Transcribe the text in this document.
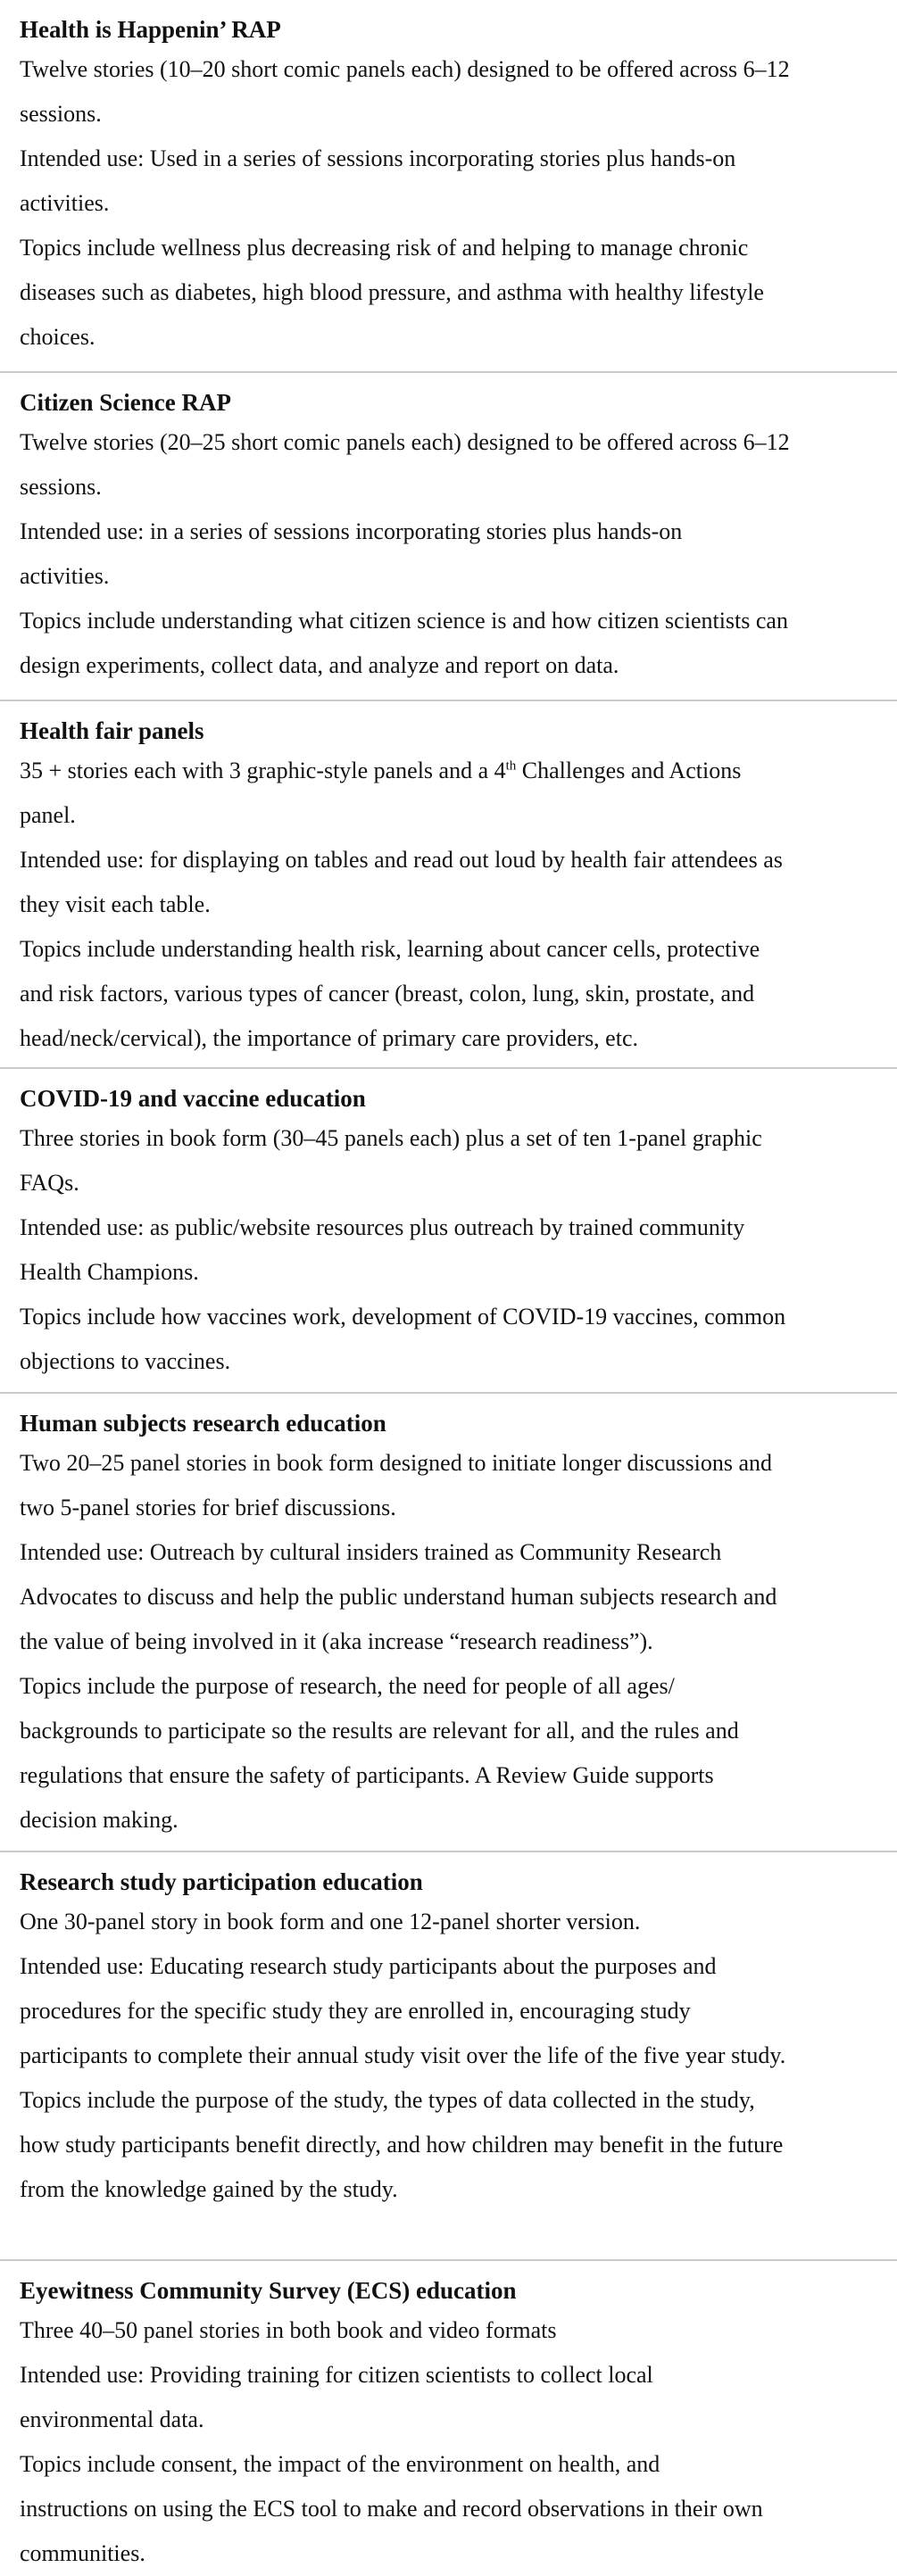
Health is Happenin’ RAP

Twelve stories (10–20 short comic panels each) designed to be offered across 6–12

sessions.

Intended use: Used in a series of sessions incorporating stories plus hands-on

activities.

Topics include wellness plus decreasing risk of and helping to manage chronic

diseases such as diabetes, high blood pressure, and asthma with healthy lifestyle

choices.

Citizen Science RAP

Twelve stories (20–25 short comic panels each) designed to be offered across 6–12

sessions.

Intended use: in a series of sessions incorporating stories plus hands-on

activities.

Topics include understanding what citizen science is and how citizen scientists can

design experiments, collect data, and analyze and report on data.

Health fair panels

35 + stories each with 3 graphic-style panels and a 4th Challenges and Actions

panel.

Intended use: for displaying on tables and read out loud by health fair attendees as

they visit each table.

Topics include understanding health risk, learning about cancer cells, protective

and risk factors, various types of cancer (breast, colon, lung, skin, prostate, and

head/neck/cervical), the importance of primary care providers, etc.

COVID-19 and vaccine education

Three stories in book form (30–45 panels each) plus a set of ten 1-panel graphic

FAQs.

Intended use: as public/website resources plus outreach by trained community

Health Champions.

Topics include how vaccines work, development of COVID-19 vaccines, common

objections to vaccines.

Human subjects research education

Two 20–25 panel stories in book form designed to initiate longer discussions and

two 5-panel stories for brief discussions.

Intended use: Outreach by cultural insiders trained as Community Research

Advocates to discuss and help the public understand human subjects research and

the value of being involved in it (aka increase “research readiness”).

Topics include the purpose of research, the need for people of all ages/

backgrounds to participate so the results are relevant for all, and the rules and

regulations that ensure the safety of participants. A Review Guide supports

decision making.

Research study participation education

One 30-panel story in book form and one 12-panel shorter version.

Intended use: Educating research study participants about the purposes and

procedures for the specific study they are enrolled in, encouraging study

participants to complete their annual study visit over the life of the five year study.

Topics include the purpose of the study, the types of data collected in the study,

how study participants benefit directly, and how children may benefit in the future

from the knowledge gained by the study.

Eyewitness Community Survey (ECS) education

Three 40–50 panel stories in both book and video formats

Intended use: Providing training for citizen scientists to collect local

environmental data.

Topics include consent, the impact of the environment on health, and

instructions on using the ECS tool to make and record observations in their own

communities.
